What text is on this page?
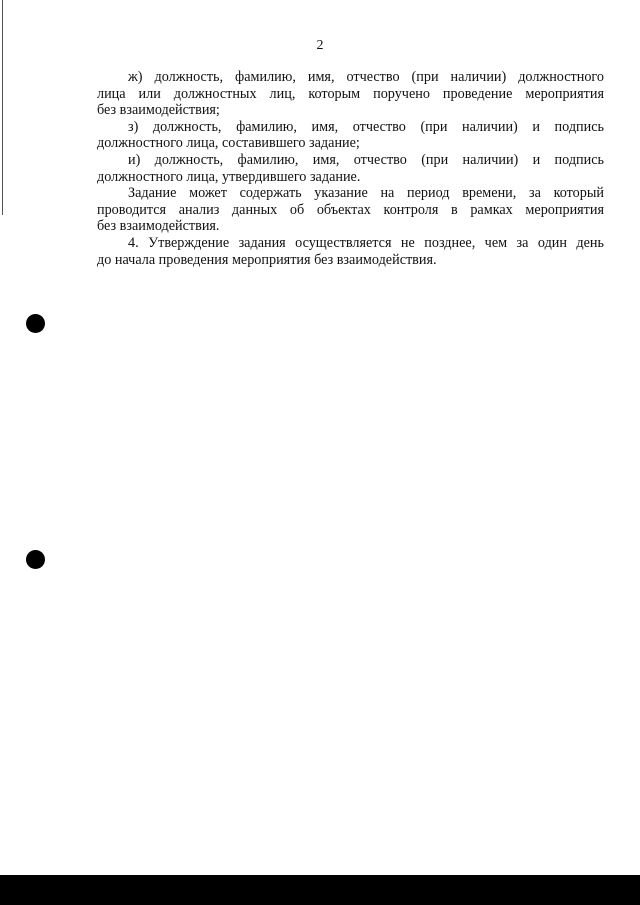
2
ж) должность, фамилию, имя, отчество (при наличии) должностного
лица или должностных лиц, которым поручено проведение мероприятия
без взаимодействия;
з) должность, фамилию, имя, отчество (при наличии) и подпись
должностного лица, составившего задание;
и) должность, фамилию, имя, отчество (при наличии) и подпись
должностного лица, утвердившего задание.
Задание может содержать указание на период времени, за который
проводится анализ данных об объектах контроля в рамках мероприятия
без взаимодействия.
4. Утверждение задания осуществляется не позднее, чем за один день
до начала проведения мероприятия без взаимодействия.
